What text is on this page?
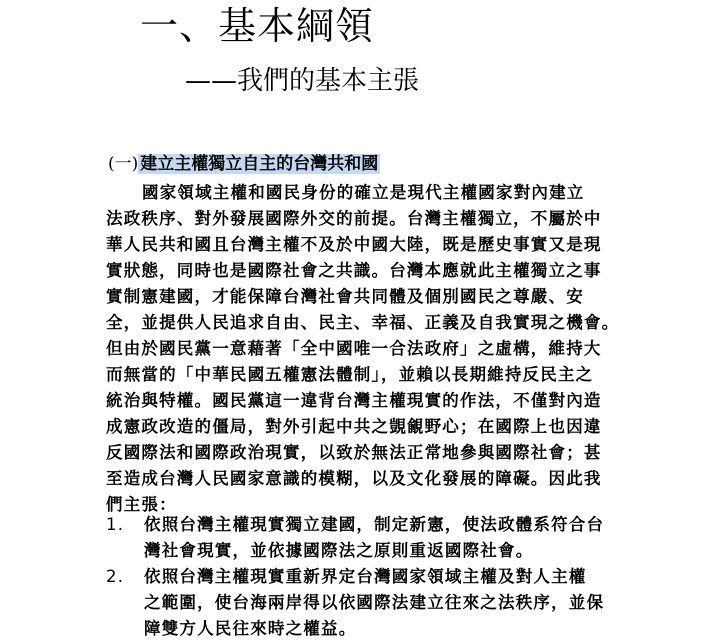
一、基本綱領
——我們的基本主張
(一) 建立主權獨立自主的台灣共和國
國家領域主權和國民身份的確立是現代主權國家對內建立
法政秩序、對外發展國際外交的前提。台灣主權獨立，不屬於中
華人民共和國且台灣主權不及於中國大陸，既是歷史事實又是現
實狀態，同時也是國際社會之共識。台灣本應就此主權獨立之事
實制憲建國，才能保障台灣社會共同體及個別國民之尊嚴、安
全，並提供人民追求自由、民主、幸福、正義及自我實現之機會。
但由於國民黨一意藉著「全中國唯一合法政府」之虛構，維持大
而無當的「中華民國五權憲法體制」，並賴以長期維持反民主之
統治與特權。國民黨這一違背台灣主權現實的作法，不僅對內造
成憲政改造的僵局，對外引起中共之覬覦野心；在國際上也因違
反國際法和國際政治現實，以致於無法正常地參與國際社會；甚
至造成台灣人民國家意識的模糊，以及文化發展的障礙。因此我
們主張：
1. 依照台灣主權現實獨立建國，制定新憲，使法政體系符合台
灣社會現實，並依據國際法之原則重返國際社會。
2. 依照台灣主權現實重新界定台灣國家領域主權及對人主權
之範圍，使台海兩岸得以依國際法建立往來之法秩序，並保
障雙方人民往來時之權益。
